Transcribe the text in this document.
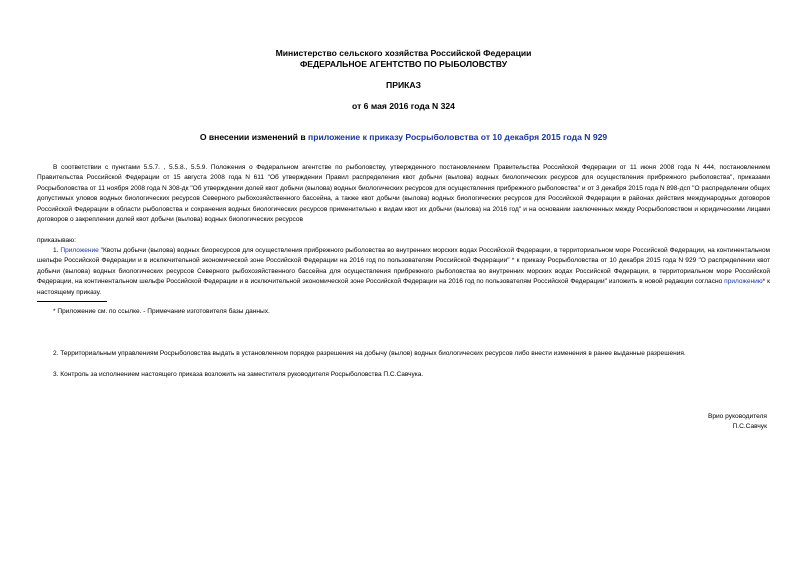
Министерство сельского хозяйства Российской Федерации
ФЕДЕРАЛЬНОЕ АГЕНТСТВО ПО РЫБОЛОВСТВУ
ПРИКАЗ
от 6 мая 2016 года N 324
О внесении изменений в приложение к приказу Росрыболовства от 10 декабря 2015 года N 929
В соответствии с пунктами 5.5.7. , 5.5.8., 5.5.9. Положения о Федеральном агентстве по рыболовству, утвержденного постановлением Правительства Российской Федерации от 11 июня 2008 года N 444, постановлением Правительства Российской Федерации от 15 августа 2008 года N 611 "Об утверждении Правил распределения квот добычи (вылова) водных биологических ресурсов для осуществления прибрежного рыболовства", приказами Росрыболовства от 11 ноября 2008 года N 308-дк "Об утверждении долей квот добычи (вылова) водных биологических ресурсов для осуществления прибрежного рыболовства" и от 3 декабря 2015 года N 898-дсп "О распределении общих допустимых уловов водных биологических ресурсов Северного рыбохозяйственного бассейна, а также квот добычи (вылова) водных биологических ресурсов для Российской Федерации в районах действия международных договоров Российской Федерации в области рыболовства и сохранения водных биологических ресурсов применительно к видам квот их добычи (вылова) на 2016 год" и на основании заключенных между Росрыболовством и юридическими лицами договоров о закреплении долей квот добычи (вылова) водных биологических ресурсов
приказываю:
1. Приложение "Квоты добычи (вылова) водных биоресурсов для осуществления прибрежного рыболовства во внутренних морских водах Российской Федерации, в территориальном море Российской Федерации, на континентальном шельфе Российской Федерации и в исключительной экономической зоне Российской Федерации на 2016 год по пользователям Российской Федерации" * к приказу Росрыболовства от 10 декабря 2015 года N 929 "О распределении квот добычи (вылова) водных биологических ресурсов Северного рыбохозяйственного бассейна для осуществления прибрежного рыболовства во внутренних морских водах Российской Федерации, в территориальном море Российской Федерации, на континентальном шельфе Российской Федерации и в исключительной экономической зоне Российской Федерации на 2016 год по пользователям Российской Федерации" изложить в новой редакции согласно приложению* к настоящему приказу.
* Приложение см. по ссылке. - Примечание изготовителя базы данных.
2. Территориальным управлениям Росрыболовства выдать в установленном порядке разрешения на добычу (вылов) водных биологических ресурсов либо внести изменения в ранее выданные разрешения.
3. Контроль за исполнением настоящего приказа возложить на заместителя руководителя Росрыболовства П.С.Савчука.
Врио руководителя
П.С.Савчук
